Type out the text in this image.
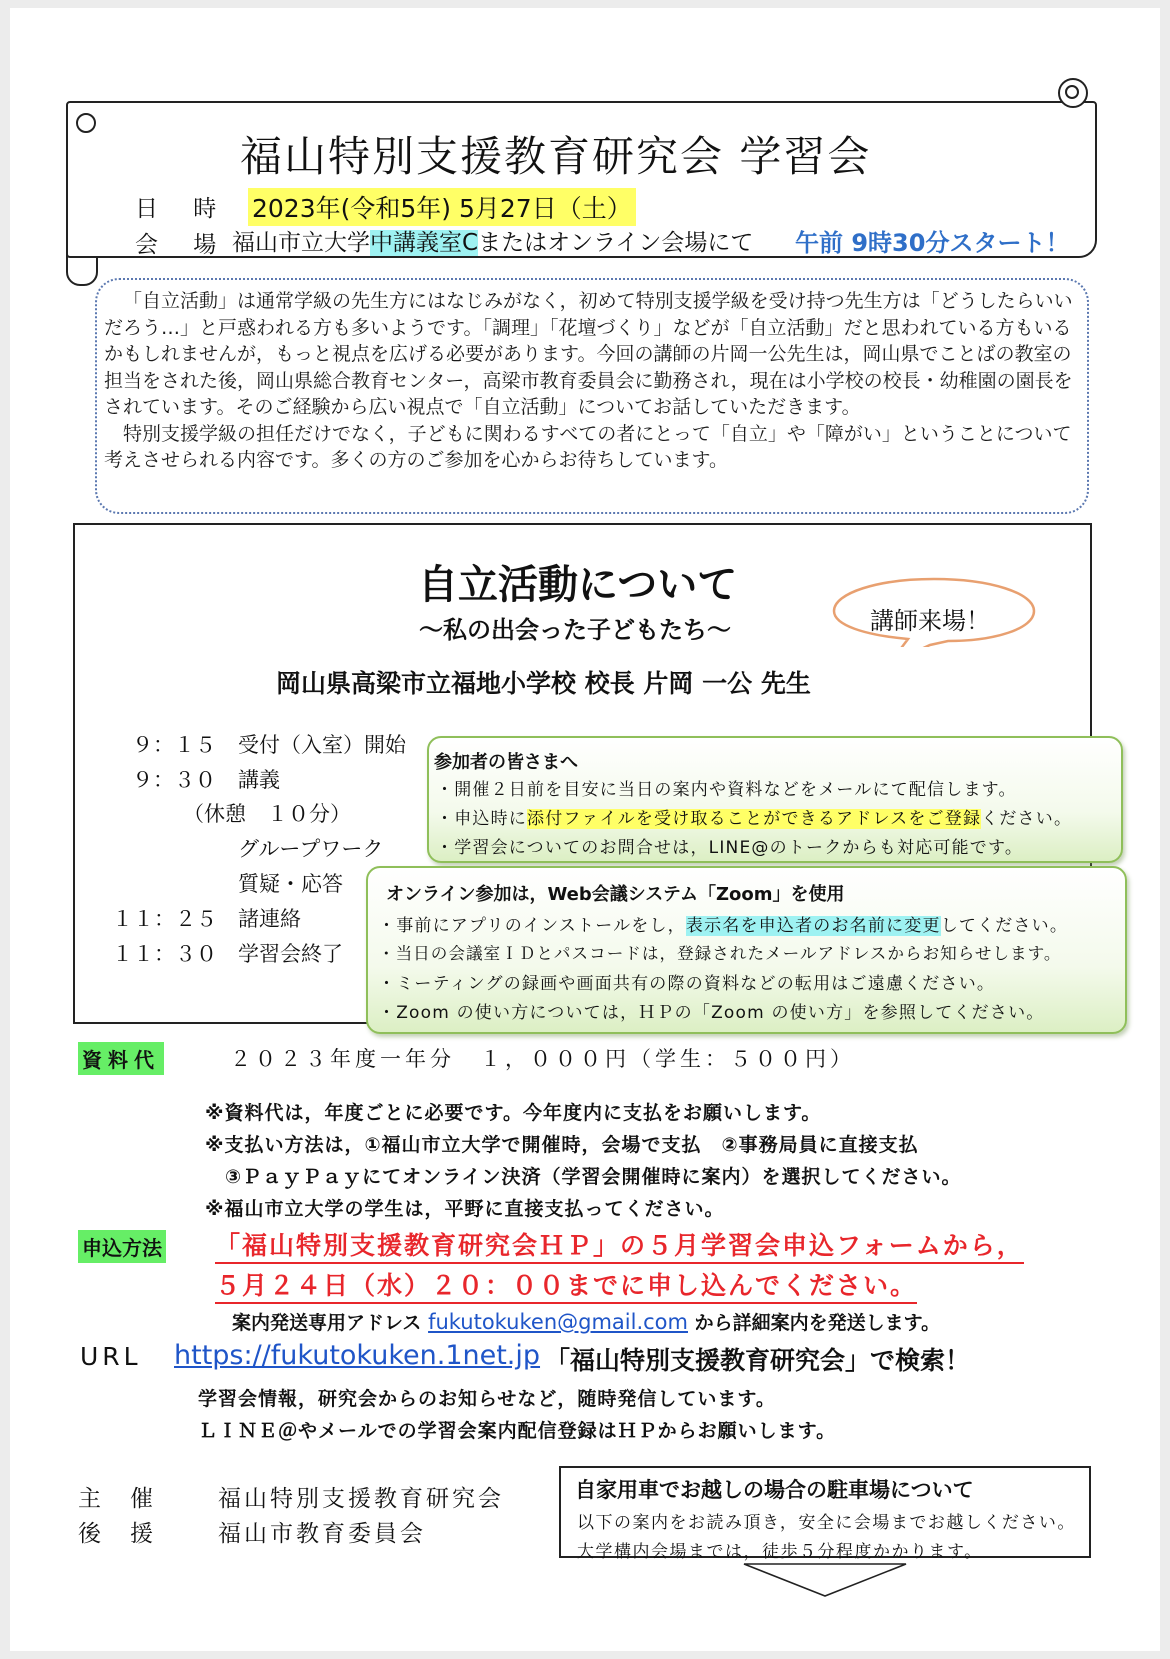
福山特別支援教育研究会 学習会
日 時 2023年(令和5年) 5月27日（土）
会 場 福山市立大学中講義室Cまたはオンライン会場にて 午前 9時30分スタート！

「自立活動」は通常学級の先生方にはなじみがなく，初めて特別支援学級を受け持つ先生方は「どうしたらいいだろう…」と戸惑われる方も多いようです。「調理」「花壇づくり」などが「自立活動」だと思われている方もいるかもしれませんが，もっと視点を広げる必要があります。今回の講師の片岡一公先生は，岡山県でことばの教室の担当をされた後，岡山県総合教育センター，高梁市教育委員会に勤務され，現在は小学校の校長・幼稚園の園長をされています。そのご経験から広い視点で「自立活動」についてお話していただきます。

特別支援学級の担任だけでなく，子どもに関わるすべての者にとって「自立」や「障がい」ということについて考えさせられる内容です。多くの方のご参加を心からお待ちしています。

自立活動について
～私の出会った子どもたち～
岡山県高梁市立福地小学校 校長 片岡 一公 先生
講師来場！
９：１５ 受付（入室）開始
９：３０ 講義
（休憩　１０分）
グループワーク
質疑・応答
１１：２５ 諸連絡
１１：３０ 学習会終了
参加者の皆さまへ
・開催２日前を目安に当日の案内や資料などをメールにて配信します。
・申込時に添付ファイルを受け取ることができるアドレスをご登録ください。
・学習会についてのお問合せは，LINE@のトークからも対応可能です。
オンライン参加は，Web会議システム「Zoom」を使用
・事前にアプリのインストールをし，表示名を申込者のお名前に変更してください。
・当日の会議室ＩＤとパスコードは，登録されたメールアドレスからお知らせします。
・ミーティングの録画や画面共有の際の資料などの転用はご遠慮ください。
・Zoom の使い方については，ＨＰの「Zoom の使い方」を参照してください。
資料代	２０２３年度一年分　１，０００円（学生：５００円）
※資料代は，年度ごとに必要です。今年度内に支払をお願いします。
※支払い方法は，①福山市立大学で開催時，会場で支払　②事務局員に直接支払
③ＰａｙＰａｙにてオンライン決済（学習会開催時に案内）を選択してください。
※福山市立大学の学生は，平野に直接支払ってください。
申込方法 「福山特別支援教育研究会ＨＰ」の５月学習会申込フォームから，
５月２４日（水）２０：００までに申し込んでください。
案内発送専用アドレス fukutokuken@gmail.com から詳細案内を発送します。
URL https://fukutokuken.1net.jp 「福山特別支援教育研究会」で検索！
学習会情報，研究会からのお知らせなど，随時発信しています。
ＬＩＮＥ＠やメールでの学習会案内配信登録はＨＰからお願いします。
主　催	福山特別支援教育研究会
後　援	福山市教育委員会
自家用車でお越しの場合の駐車場について
以下の案内をお読み頂き，安全に会場までお越しください。
大学構内会場までは，徒歩５分程度かかります。
